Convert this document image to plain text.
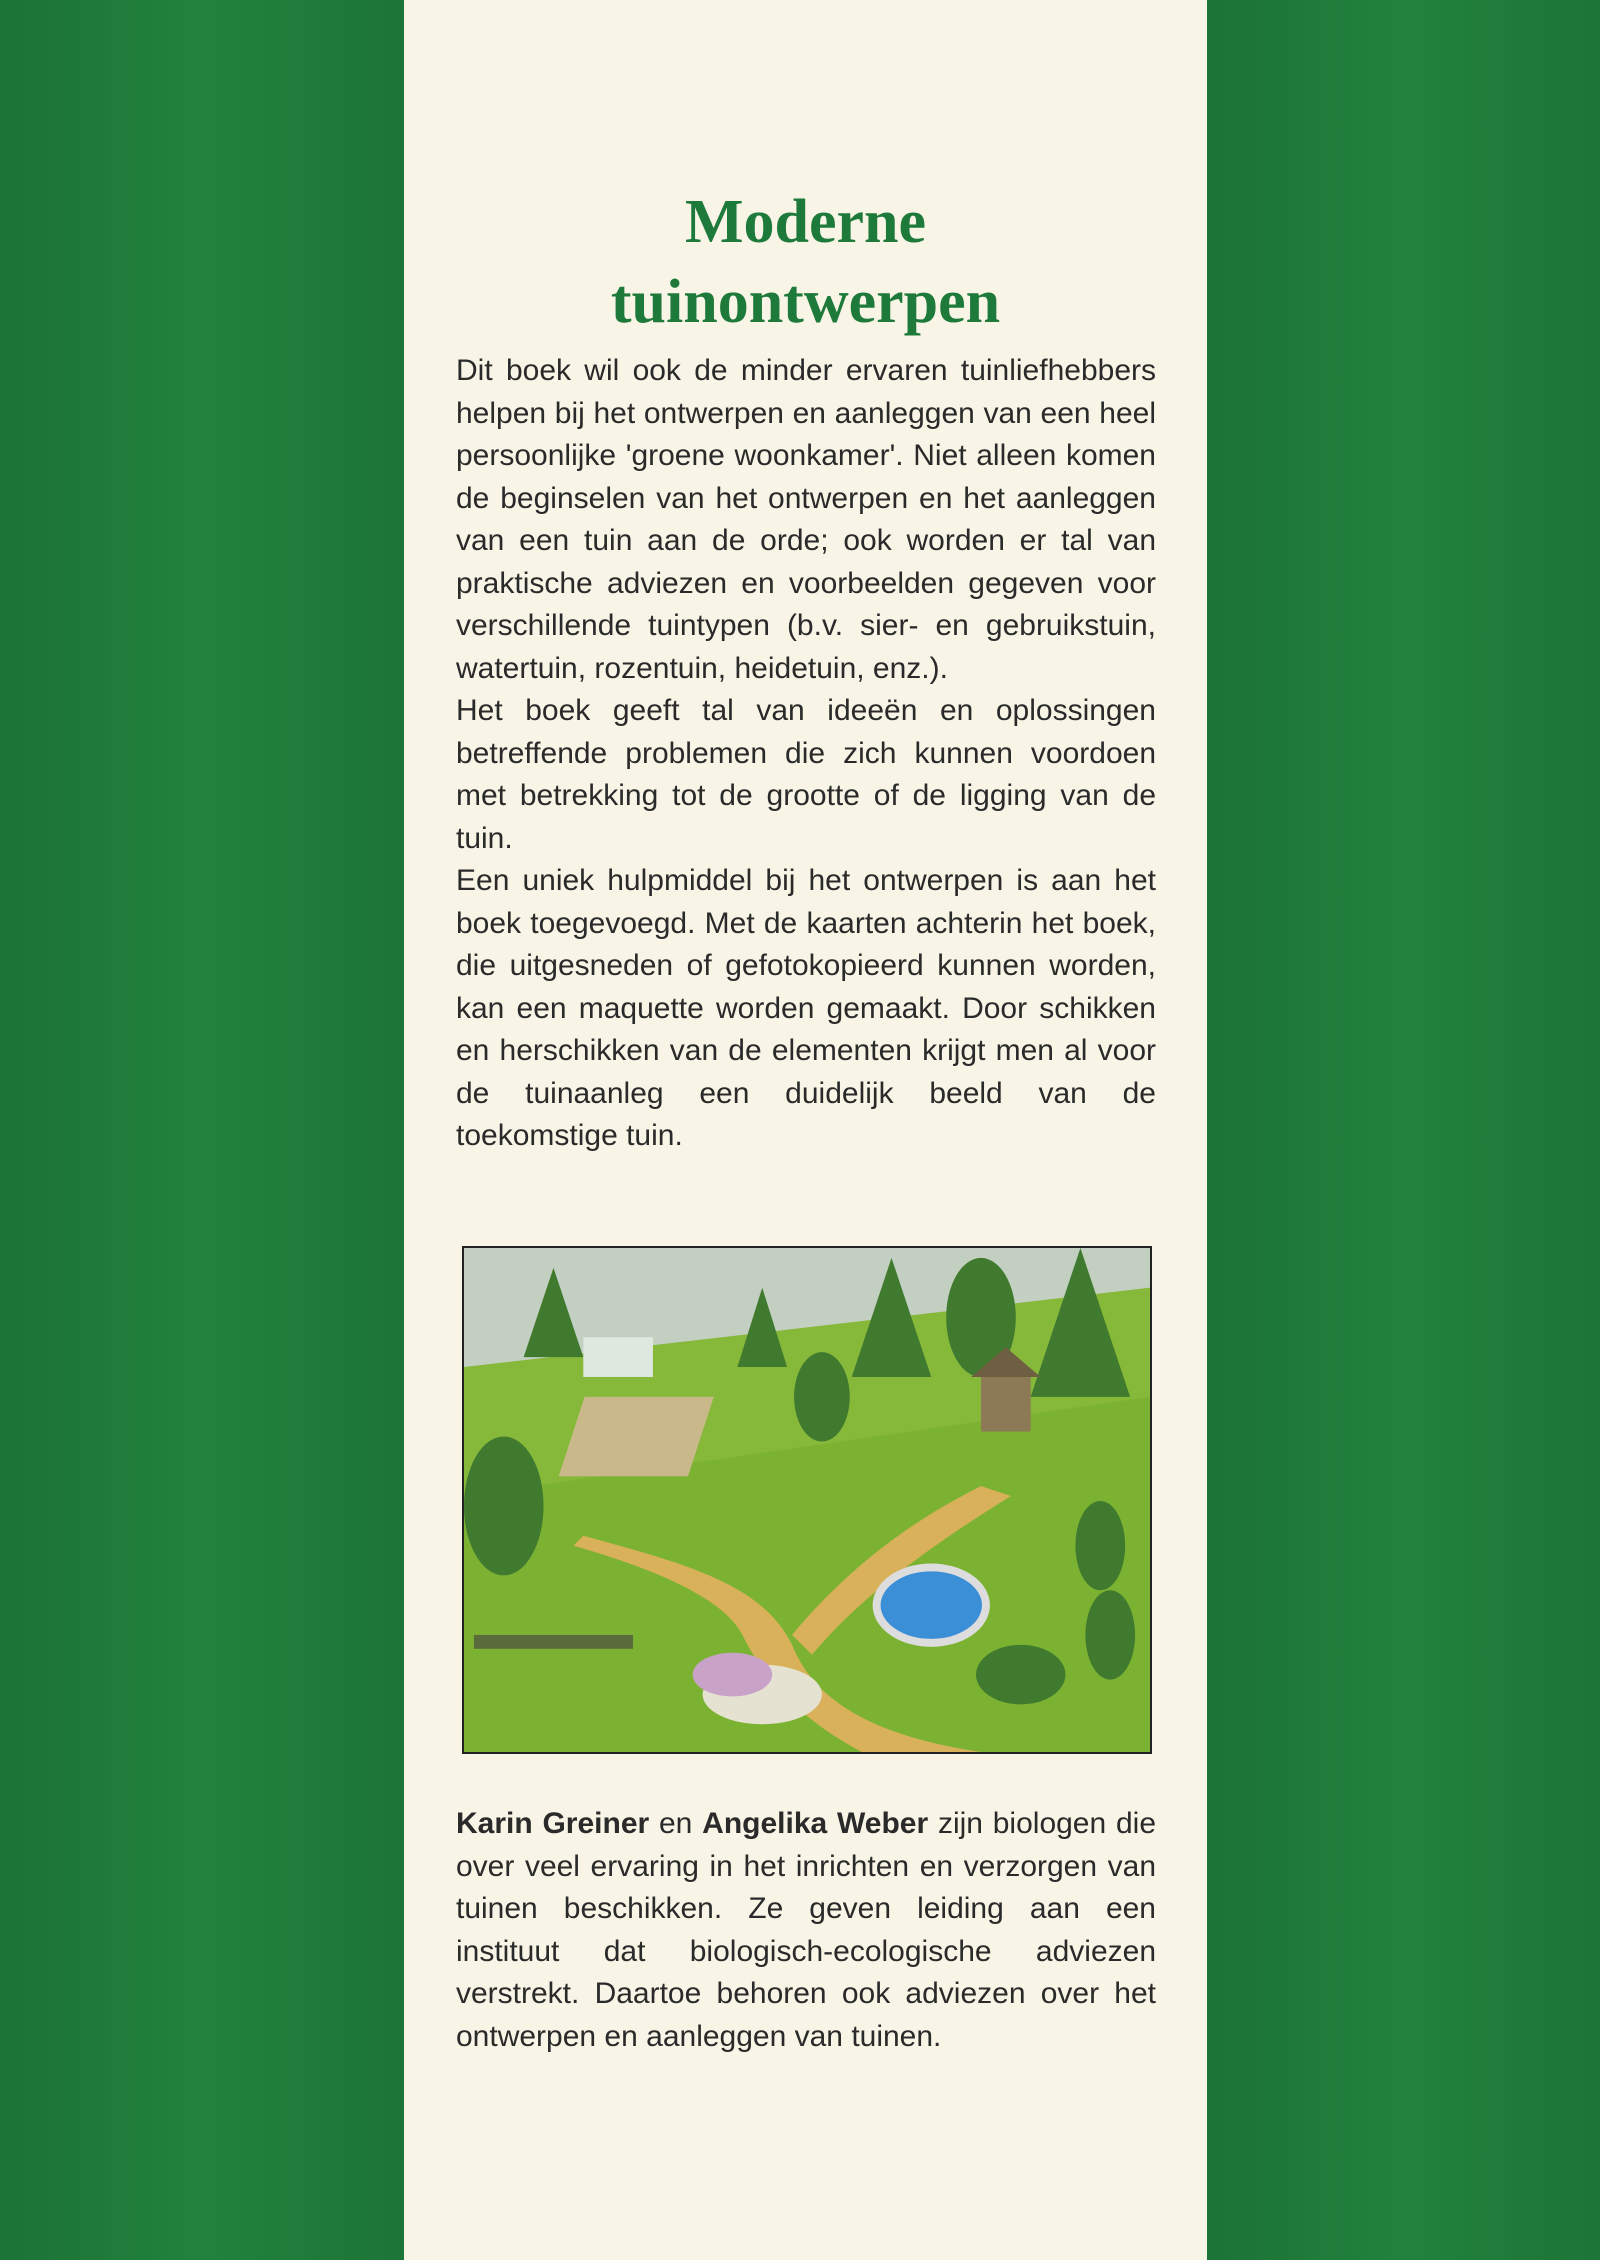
Moderne
tuinontwerpen

Dit boek wil ook de minder ervaren tuinliefhebbers helpen bij het ontwerpen en aanleggen van een heel persoonlijke 'groene woonkamer'. Niet alleen komen de beginselen van het ontwerpen en het aanleggen van een tuin aan de orde; ook worden er tal van praktische adviezen en voorbeelden gegeven voor verschillende tuintypen (b.v. sier- en gebruikstuin, watertuin, rozentuin, heidetuin, enz.).

Het boek geeft tal van ideeën en oplossingen betreffende problemen die zich kunnen voordoen met betrekking tot de grootte of de ligging van de tuin.

Een uniek hulpmiddel bij het ontwerpen is aan het boek toegevoegd. Met de kaarten achterin het boek, die uitgesneden of gefotokopieerd kunnen worden, kan een maquette worden gemaakt. Door schikken en herschikken van de elementen krijgt men al voor de tuinaanleg een duidelijk beeld van de toekomstige tuin.

Karin Greiner en Angelika Weber zijn biologen die over veel ervaring in het inrichten en verzorgen van tuinen beschikken. Ze geven leiding aan een instituut dat biologisch-ecologische adviezen verstrekt. Daartoe behoren ook adviezen over het ontwerpen en aanleggen van tuinen.
